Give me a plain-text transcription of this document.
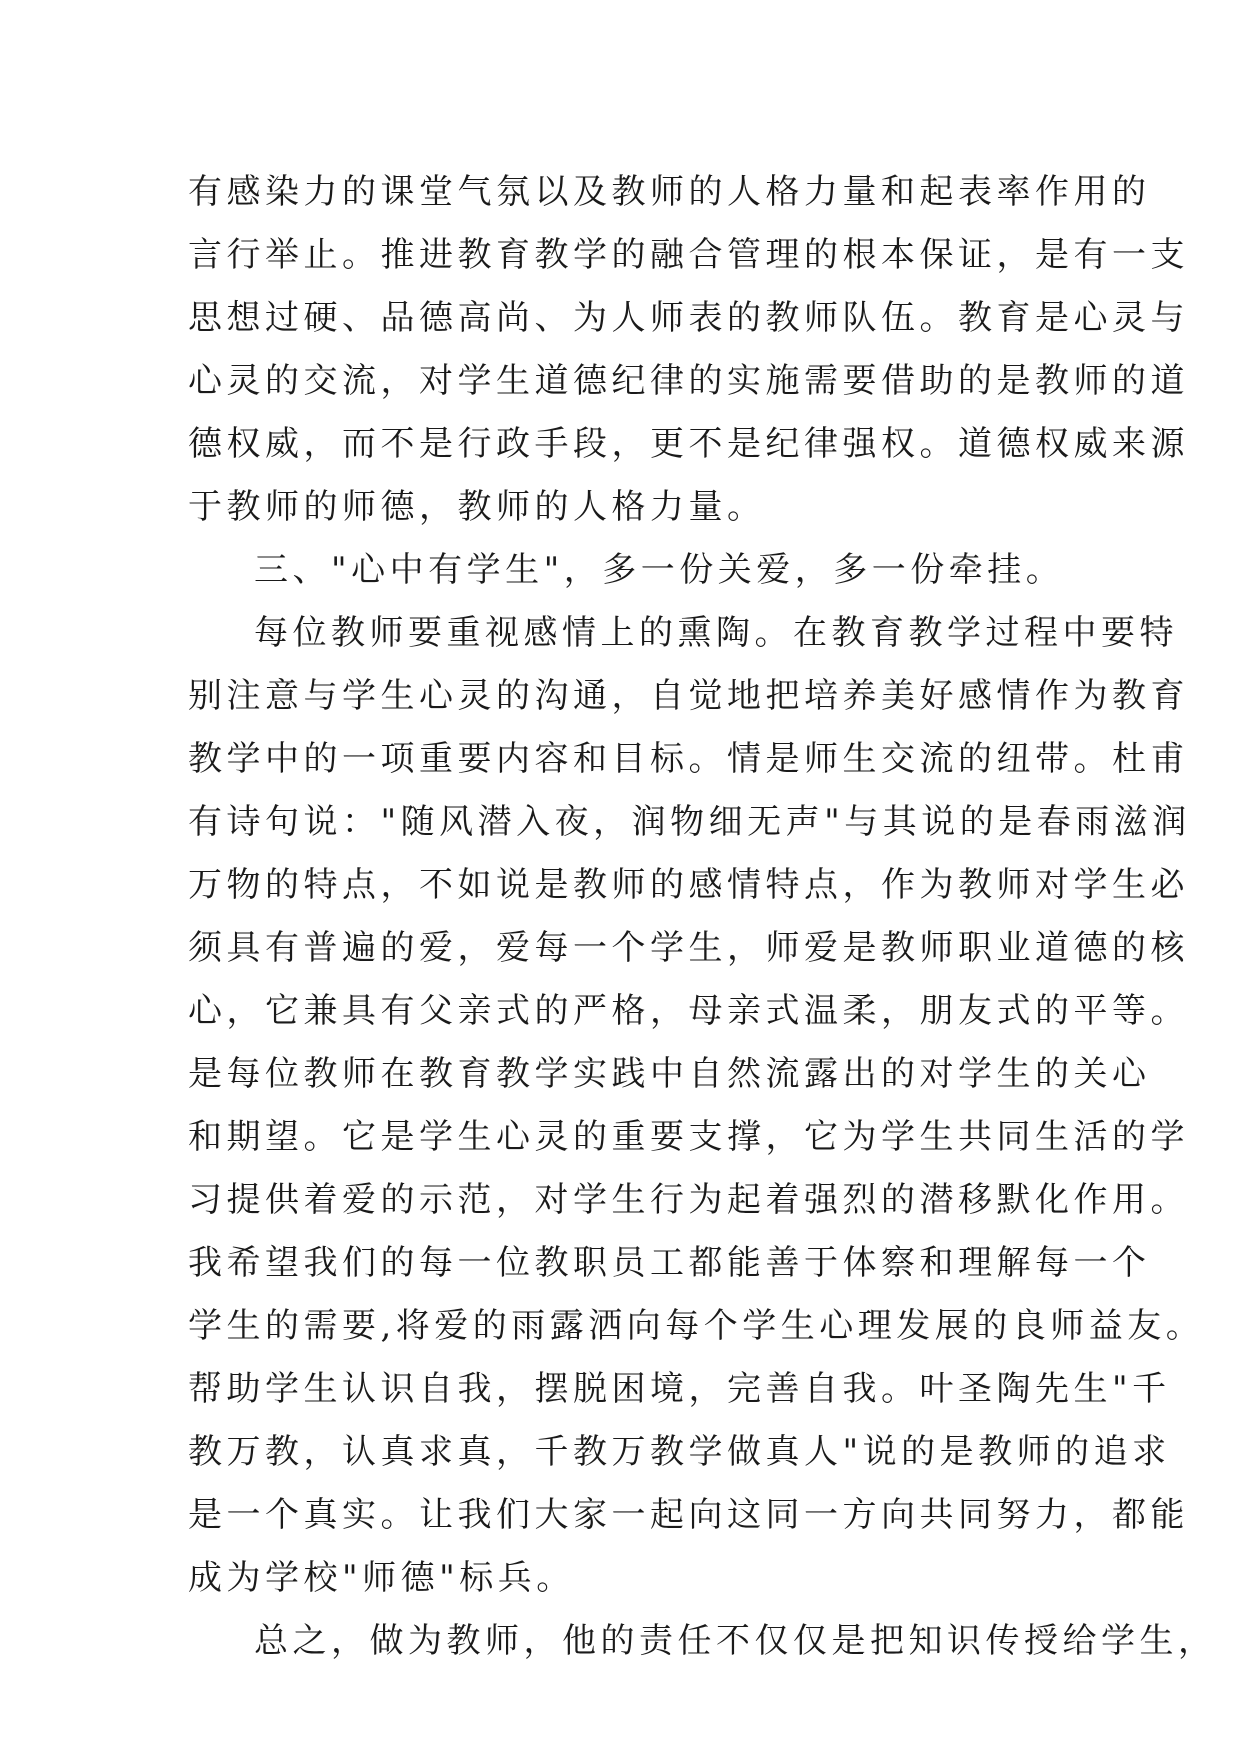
有感染力的课堂气氛以及教师的人格力量和起表率作用的
言行举止。推进教育教学的融合管理的根本保证，是有一支
思想过硬、品德高尚、为人师表的教师队伍。教育是心灵与
心灵的交流，对学生道德纪律的实施需要借助的是教师的道
德权威，而不是行政手段，更不是纪律强权。道德权威来源
于教师的师德，教师的人格力量。
三、"心中有学生"，多一份关爱，多一份牵挂。
每位教师要重视感情上的熏陶。在教育教学过程中要特
别注意与学生心灵的沟通，自觉地把培养美好感情作为教育
教学中的一项重要内容和目标。情是师生交流的纽带。杜甫
有诗句说："随风潜入夜，润物细无声"与其说的是春雨滋润
万物的特点，不如说是教师的感情特点，作为教师对学生必
须具有普遍的爱，爱每一个学生，师爱是教师职业道德的核
心，它兼具有父亲式的严格，母亲式温柔，朋友式的平等。
是每位教师在教育教学实践中自然流露出的对学生的关心
和期望。它是学生心灵的重要支撑，它为学生共同生活的学
习提供着爱的示范，对学生行为起着强烈的潜移默化作用。
我希望我们的每一位教职员工都能善于体察和理解每一个
学生的需要,将爱的雨露洒向每个学生心理发展的良师益友。
帮助学生认识自我，摆脱困境，完善自我。叶圣陶先生"千
教万教，认真求真，千教万教学做真人"说的是教师的追求
是一个真实。让我们大家一起向这同一方向共同努力，都能
成为学校"师德"标兵。
总之，做为教师，他的责任不仅仅是把知识传授给学生，
